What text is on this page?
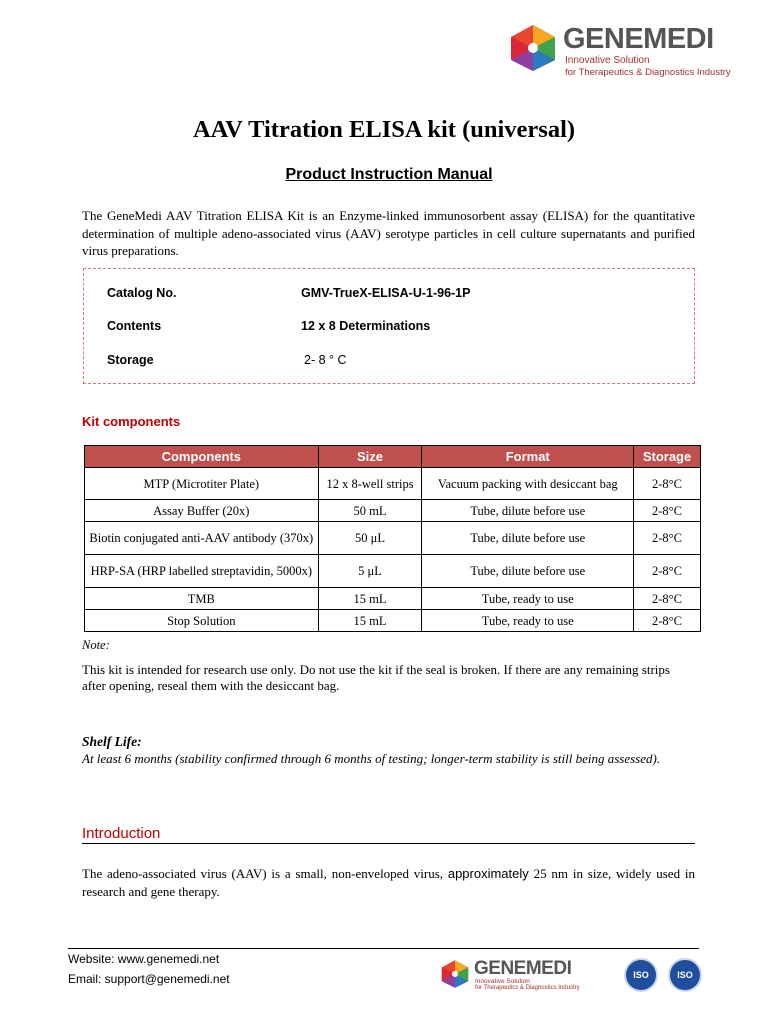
GENEMEDI
Innovative Solution
for Therapeutics & Diagnostics Industry
AAV Titration ELISA kit (universal)
Product Instruction Manual
The GeneMedi AAV Titration ELISA Kit is an Enzyme-linked immunosorbent assay (ELISA) for the quantitative determination of multiple adeno-associated virus (AAV) serotype particles in cell culture supernatants and purified virus preparations.
Catalog No.	GMV-TrueX-ELISA-U-1-96-1P
Contents	12 x 8 Determinations
Storage	2- 8 ° C
Kit components
Components	Size	Format	Storage
MTP (Microtiter Plate)	12 x 8-well strips	Vacuum packing with desiccant bag	2-8°C
Assay Buffer (20x)	50 mL	Tube, dilute before use	2-8°C
Biotin conjugated anti-AAV antibody (370x)	50 μL	Tube, dilute before use	2-8°C
HRP-SA (HRP labelled streptavidin, 5000x)	5 μL	Tube, dilute before use	2-8°C
TMB	15 mL	Tube, ready to use	2-8°C
Stop Solution	15 mL	Tube, ready to use	2-8°C
Note:
This kit is intended for research use only. Do not use the kit if the seal is broken. If there are any remaining strips after opening, reseal them with the desiccant bag.
Shelf Life:
At least 6 months (stability confirmed through 6 months of testing; longer-term stability is still being assessed).
Introduction
The adeno-associated virus (AAV) is a small, non-enveloped virus, approximately 25 nm in size, widely used in research and gene therapy.
Website: www.genemedi.net
Email: support@genemedi.net	GENEMEDI
Innovative Solution
for Therapeutics & Diagnostics Industry
ISO	ISO
